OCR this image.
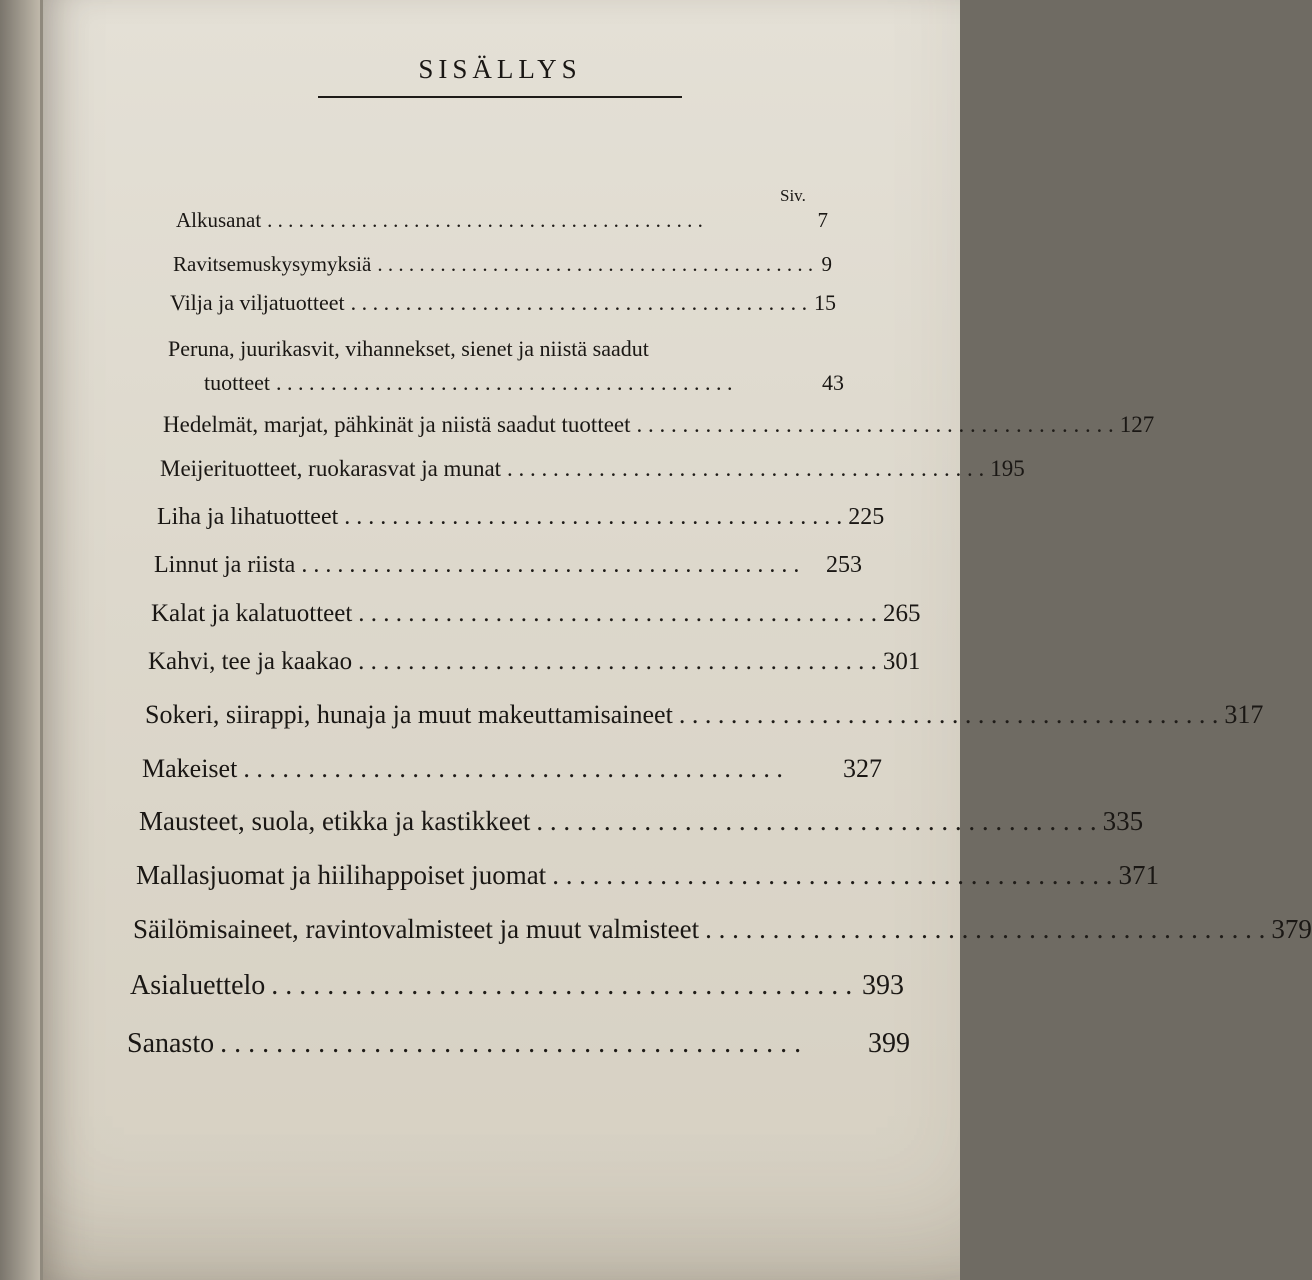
SISÄLLYS
Siv.
Alkusanat . . . . . . . . . . . . . . . . . . . . . . . . . . . . . . . . . . . . . . . . . .	7
Ravitsemuskysymyksiä . . . . . . . . . . . . . . . . . . . . . . . . . . . . . . . . . . . . . . . . . . 9
Vilja ja viljatuotteet . . . . . . . . . . . . . . . . . . . . . . . . . . . . . . . . . . . . . . . . . . 15
Peruna, juurikasvit, vihannekset, sienet ja niistä saadut
tuotteet . . . . . . . . . . . . . . . . . . . . . . . . . . . . . . . . . . . . . . . . . .	43
Hedelmät, marjat, pähkinät ja niistä saadut tuotteet . . . . . . . . . . . . . . . . . . . . . . . . . . . . . . . . . . . . . . . . . . 127
Meijerituotteet, ruokarasvat ja munat . . . . . . . . . . . . . . . . . . . . . . . . . . . . . . . . . . . . . . . . . . 195
Liha ja lihatuotteet . . . . . . . . . . . . . . . . . . . . . . . . . . . . . . . . . . . . . . . . . . 225
Linnut ja riista . . . . . . . . . . . . . . . . . . . . . . . . . . . . . . . . . . . . . . . . . .	253
Kalat ja kalatuotteet . . . . . . . . . . . . . . . . . . . . . . . . . . . . . . . . . . . . . . . . . . 265
Kahvi, tee ja kaakao . . . . . . . . . . . . . . . . . . . . . . . . . . . . . . . . . . . . . . . . . . 301
Sokeri, siirappi, hunaja ja muut makeuttamisaineet . . . . . . . . . . . . . . . . . . . . . . . . . . . . . . . . . . . . . . . . . . 317
Makeiset . . . . . . . . . . . . . . . . . . . . . . . . . . . . . . . . . . . . . . . . . .	327
Mausteet, suola, etikka ja kastikkeet . . . . . . . . . . . . . . . . . . . . . . . . . . . . . . . . . . . . . . . . . . 335
Mallasjuomat ja hiilihappoiset juomat . . . . . . . . . . . . . . . . . . . . . . . . . . . . . . . . . . . . . . . . . . 371
Säilömisaineet, ravintovalmisteet ja muut valmisteet . . . . . . . . . . . . . . . . . . . . . . . . . . . . . . . . . . . . . . . . . . 379
Asialuettelo . . . . . . . . . . . . . . . . . . . . . . . . . . . . . . . . . . . . . . . . . . 393
Sanasto . . . . . . . . . . . . . . . . . . . . . . . . . . . . . . . . . . . . . . . . . .	399
